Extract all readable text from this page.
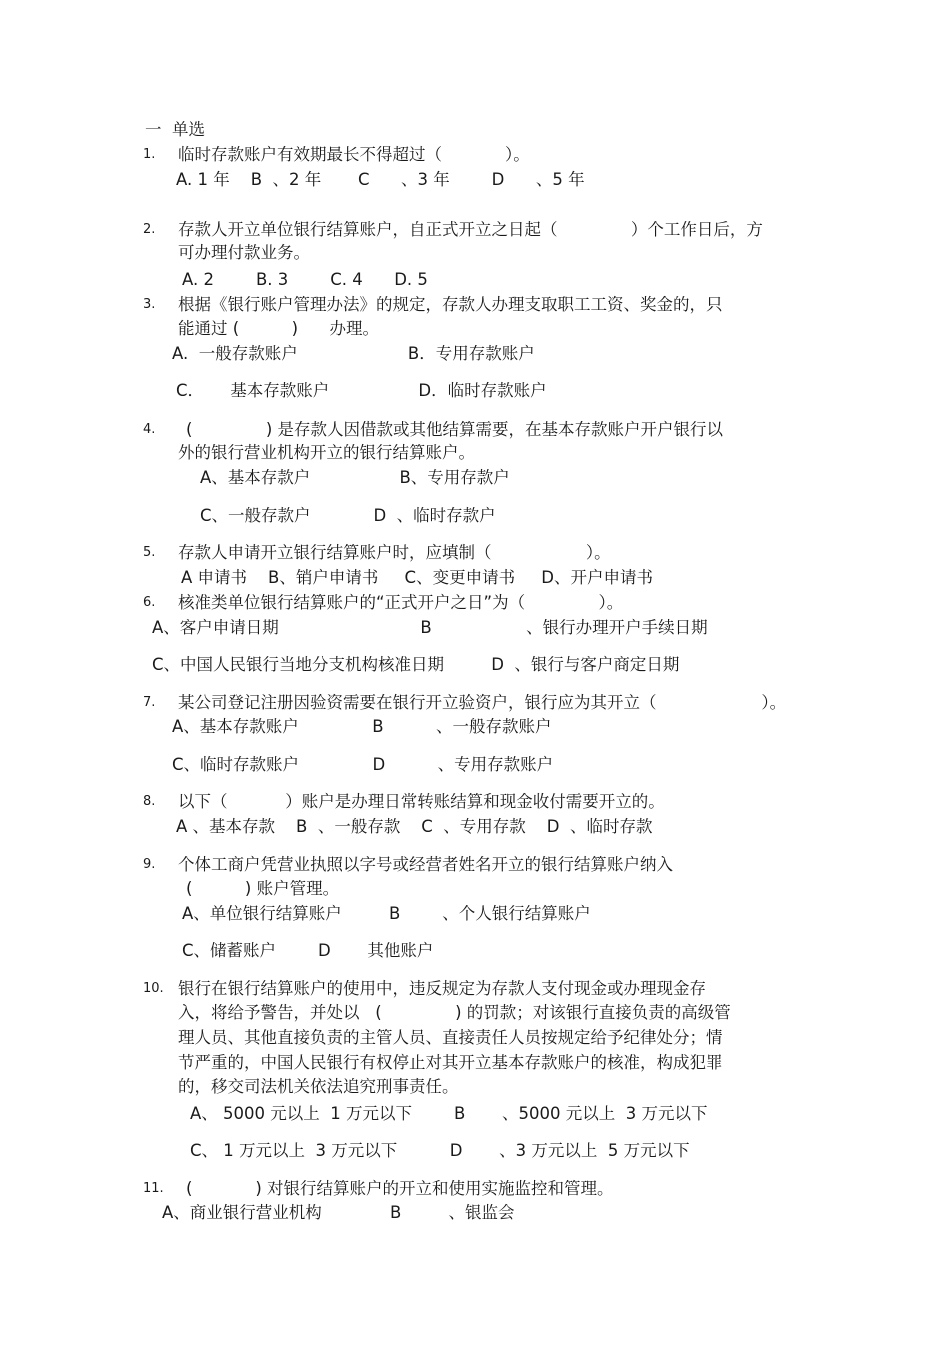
一  单选
1. 临时存款账户有效期最长不得超过（            ）。
A. 1 年    B  、2 年       C      、3 年        D      、5 年
2. 存款人开立单位银行结算账户，自正式开立之日起（              ）个工作日后，方
可办理付款业务。
A. 2        B. 3        C. 4      D. 5
3. 根据《银行账户管理办法》的规定，存款人办理支取职工工资、奖金的，只
能通过 (          )      办理。
A.  一般存款账户                     B．专用存款账户
C．     基本存款账户                 D．临时存款账户
4. (              ) 是存款人因借款或其他结算需要，在基本存款账户开户银行以
外的银行营业机构开立的银行结算账户。
A、基本存款户                 B、专用存款户
C、一般存款户            D  、临时存款户
5. 存款人申请开立银行结算账户时，应填制（                  ）。
A 申请书    B、销户申请书     C、变更申请书     D、开户申请书
6. 核准类单位银行结算账户的“正式开户之日”为（              ）。
A、客户申请日期                           B                  、银行办理开户手续日期
C、中国人民银行当地分支机构核准日期         D  、银行与客户商定日期
7. 某公司登记注册因验资需要在银行开立验资户，银行应为其开立（                    ）。
A、基本存款账户              B          、一般存款账户
C、临时存款账户              D          、专用存款账户
8. 以下（           ）账户是办理日常转账结算和现金收付需要开立的。
A 、基本存款    B  、一般存款    C  、专用存款    D  、临时存款
9. 个体工商户凭营业执照以字号或经营者姓名开立的银行结算账户纳入
(          ) 账户管理。
A、单位银行结算账户         B        、个人银行结算账户
C、储蓄账户        D       其他账户
10. 银行在银行结算账户的使用中，违反规定为存款人支付现金或办理现金存
入，将给予警告，并处以   (              ) 的罚款；对该银行直接负责的高级管
理人员、其他直接负责的主管人员、直接责任人员按规定给予纪律处分；情
节严重的，中国人民银行有权停止对其开立基本存款账户的核准，构成犯罪
的，移交司法机关依法追究刑事责任。
A、 5000 元以上  1 万元以下        B       、5000 元以上  3 万元以下
C、 1 万元以上  3 万元以下          D       、3 万元以上  5 万元以下
11. (            ) 对银行结算账户的开立和使用实施监控和管理。
A、商业银行营业机构             B         、银监会
